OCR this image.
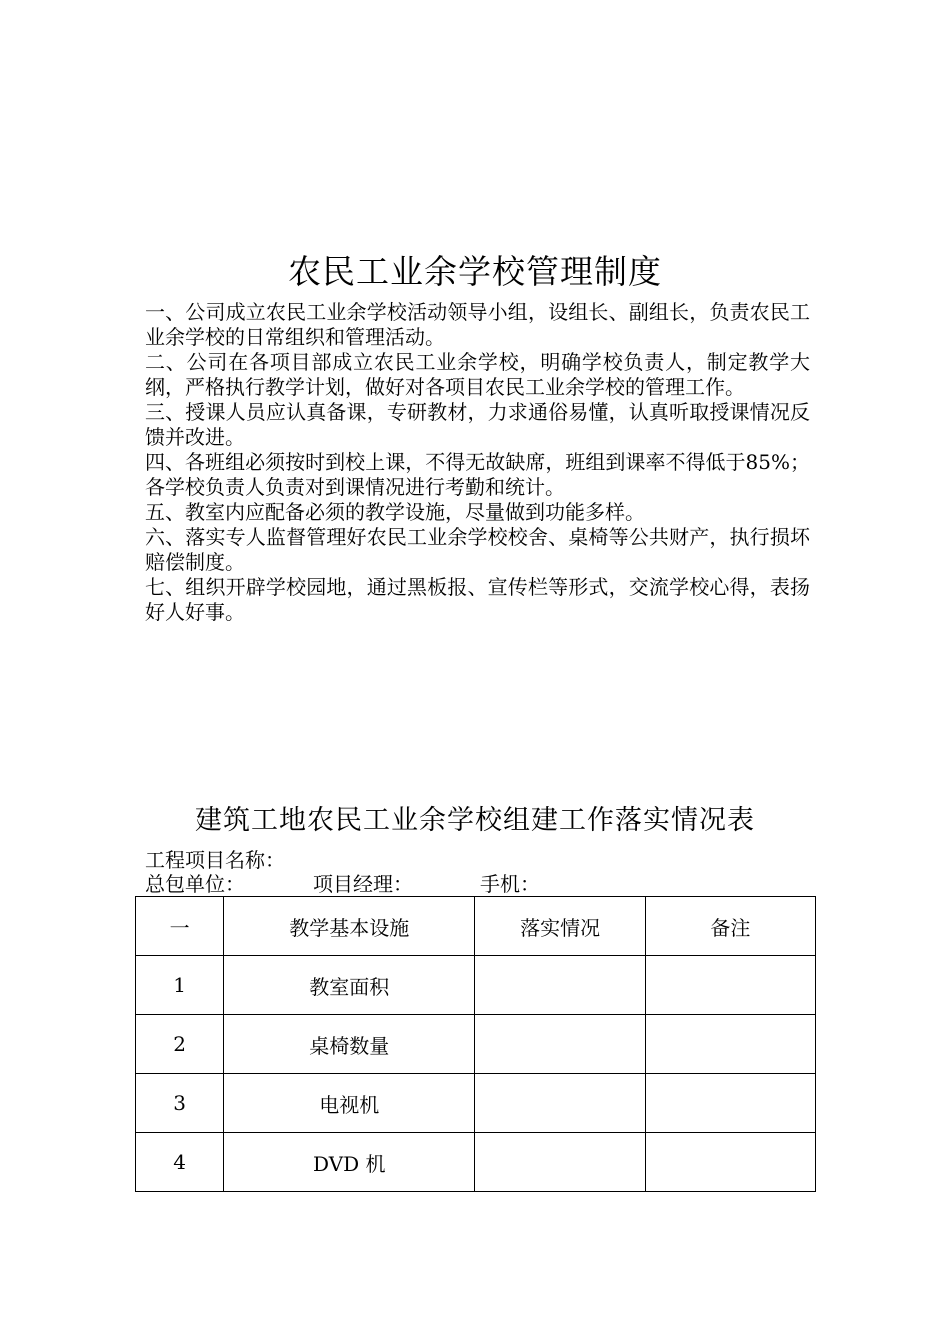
农民工业余学校管理制度
一、公司成立农民工业余学校活动领导小组，设组长、副组长，负责农民工业余学校的日常组织和管理活动。
二、公司在各项目部成立农民工业余学校，明确学校负责人，制定教学大纲，严格执行教学计划，做好对各项目农民工业余学校的管理工作。
三、授课人员应认真备课，专研教材，力求通俗易懂，认真听取授课情况反馈并改进。
四、各班组必须按时到校上课，不得无故缺席，班组到课率不得低于85%；各学校负责人负责对到课情况进行考勤和统计。
五、教室内应配备必须的教学设施，尽量做到功能多样。
六、落实专人监督管理好农民工业余学校校舍、桌椅等公共财产，执行损坏赔偿制度。
七、组织开辟学校园地，通过黑板报、宣传栏等形式，交流学校心得，表扬好人好事。
建筑工地农民工业余学校组建工作落实情况表
工程项目名称：
总包单位：	项目经理：	手机：
一	教学基本设施	落实情况	备注
1	教室面积		
2	桌椅数量		
3	电视机		
4	DVD 机		
